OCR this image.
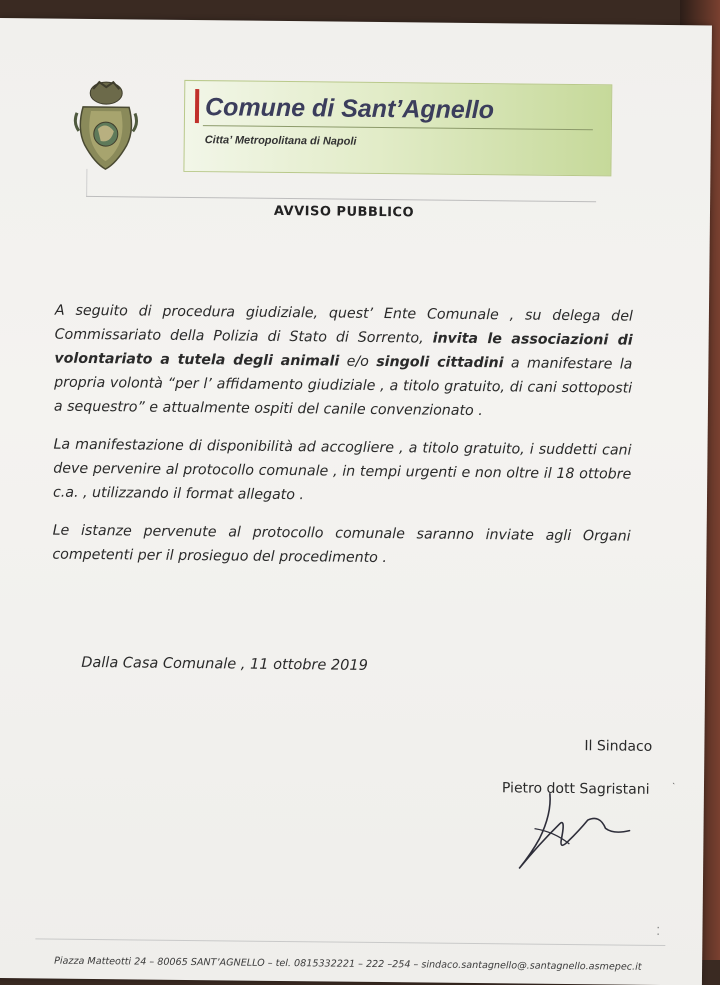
Comune di Sant’Agnello
Citta’ Metropolitana di Napoli
AVVISO PUBBLICO

A seguito di procedura giudiziale, quest’ Ente Comunale , su delega del Commissariato della Polizia di Stato di Sorrento, invita le associazioni di volontariato a tutela degli animali e/o singoli cittadini a manifestare la propria volontà “per l’ affidamento giudiziale , a titolo gratuito, di cani sottoposti a sequestro” e attualmente ospiti del canile convenzionato .

La manifestazione di disponibilità ad accogliere , a titolo gratuito, i suddetti cani deve pervenire al protocollo comunale , in tempi urgenti e non oltre il 18 ottobre c.a. , utilizzando il format allegato .

Le istanze pervenute al protocollo comunale saranno inviate agli Organi competenti per il prosieguo del procedimento .

Dalla Casa Comunale , 11 ottobre 2019
Il Sindaco
Pietro dott Sagristani ˋ
⁚
Piazza Matteotti 24 – 80065 SANT’AGNELLO – tel. 0815332221 – 222 –254 – sindaco.santagnello@.santagnello.asmepec.it
